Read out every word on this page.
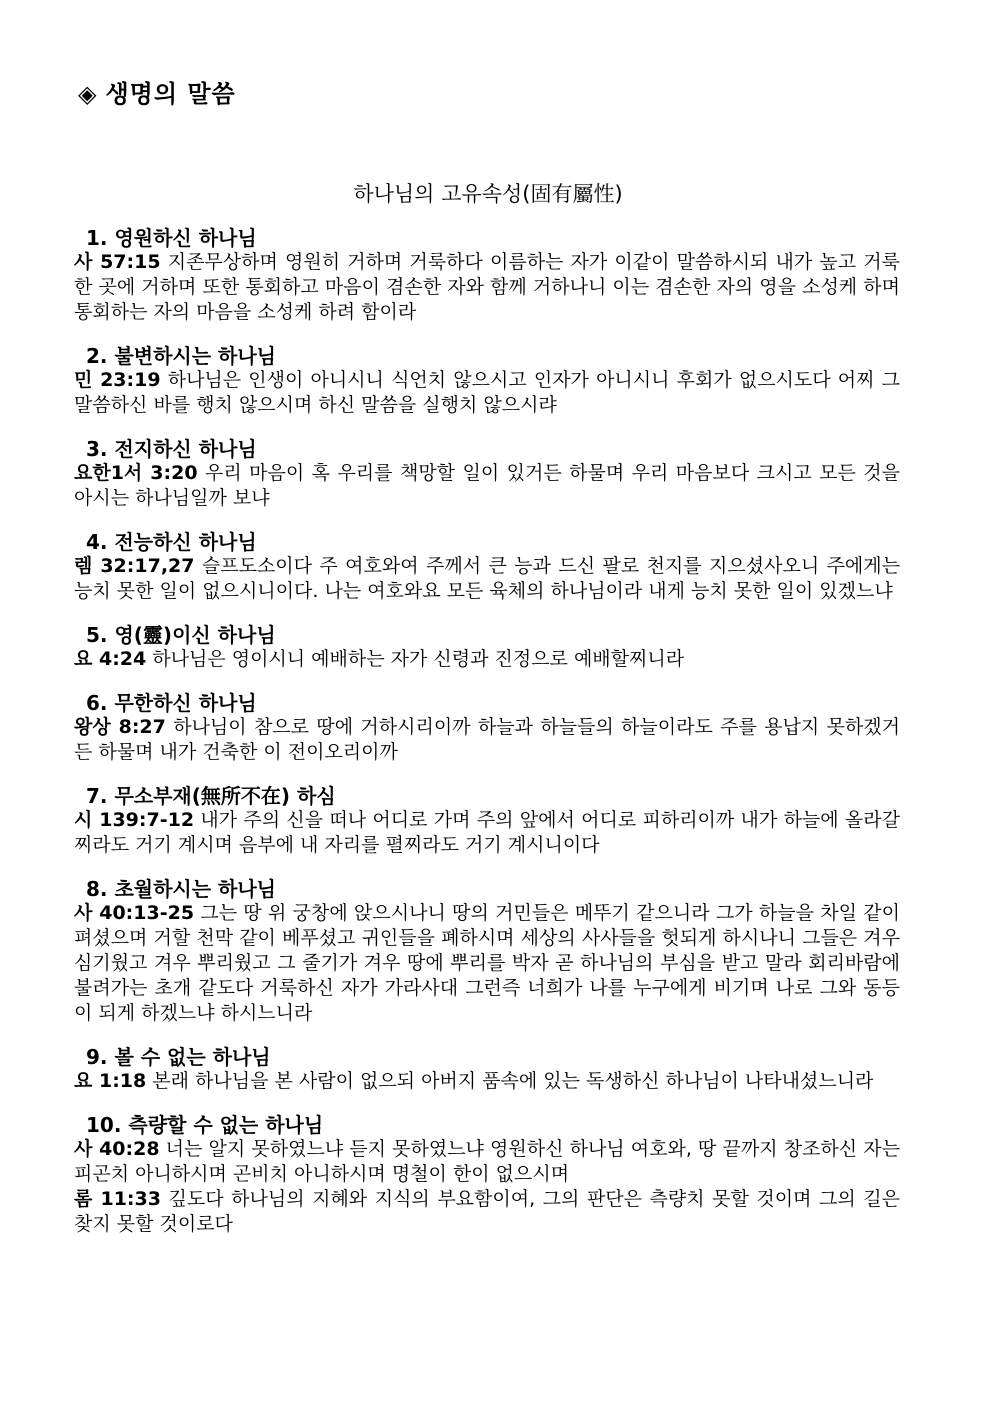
◈ 생명의 말씀
하나님의 고유속성(固有屬性)
1. 영원하신 하나님
사 57:15 지존무상하며 영원히 거하며 거룩하다 이름하는 자가 이같이 말씀하시되 내가 높고 거룩한 곳에 거하며 또한 통회하고 마음이 겸손한 자와 함께 거하나니 이는 겸손한 자의 영을 소성케 하며 통회하는 자의 마음을 소성케 하려 함이라
2. 불변하시는 하나님
민 23:19 하나님은 인생이 아니시니 식언치 않으시고 인자가 아니시니 후회가 없으시도다 어찌 그 말씀하신 바를 행치 않으시며 하신 말씀을 실행치 않으시랴
3. 전지하신 하나님
요한1서 3:20 우리 마음이 혹 우리를 책망할 일이 있거든 하물며 우리 마음보다 크시고 모든 것을 아시는 하나님일까 보냐
4. 전능하신 하나님
렘 32:17,27 슬프도소이다 주 여호와여 주께서 큰 능과 드신 팔로 천지를 지으셨사오니 주에게는 능치 못한 일이 없으시니이다. 나는 여호와요 모든 육체의 하나님이라 내게 능치 못한 일이 있겠느냐
5. 영(靈)이신 하나님
요 4:24 하나님은 영이시니 예배하는 자가 신령과 진정으로 예배할찌니라
6. 무한하신 하나님
왕상 8:27 하나님이 참으로 땅에 거하시리이까 하늘과 하늘들의 하늘이라도 주를 용납지 못하겠거든 하물며 내가 건축한 이 전이오리이까
7. 무소부재(無所不在) 하심
시 139:7-12 내가 주의 신을 떠나 어디로 가며 주의 앞에서 어디로 피하리이까 내가 하늘에 올라갈찌라도 거기 계시며 음부에 내 자리를 펼찌라도 거기 계시니이다
8. 초월하시는 하나님
사 40:13-25 그는 땅 위 궁창에 앉으시나니 땅의 거민들은 메뚜기 같으니라 그가 하늘을 차일 같이 펴셨으며 거할 천막 같이 베푸셨고 귀인들을 폐하시며 세상의 사사들을 헛되게 하시나니 그들은 겨우 심기웠고 겨우 뿌리웠고 그 줄기가 겨우 땅에 뿌리를 박자 곧 하나님의 부심을 받고 말라 회리바람에 불려가는 초개 같도다 거룩하신 자가 가라사대 그런즉 너희가 나를 누구에게 비기며 나로 그와 동등이 되게 하겠느냐 하시느니라
9. 볼 수 없는 하나님
요 1:18 본래 하나님을 본 사람이 없으되 아버지 품속에 있는 독생하신 하나님이 나타내셨느니라
10. 측량할 수 없는 하나님
사 40:28 너는 알지 못하였느냐 듣지 못하였느냐 영원하신 하나님 여호와, 땅 끝까지 창조하신 자는 피곤치 아니하시며 곤비치 아니하시며 명철이 한이 없으시며
롬 11:33 깊도다 하나님의 지혜와 지식의 부요함이여, 그의 판단은 측량치 못할 것이며 그의 길은 찾지 못할 것이로다
